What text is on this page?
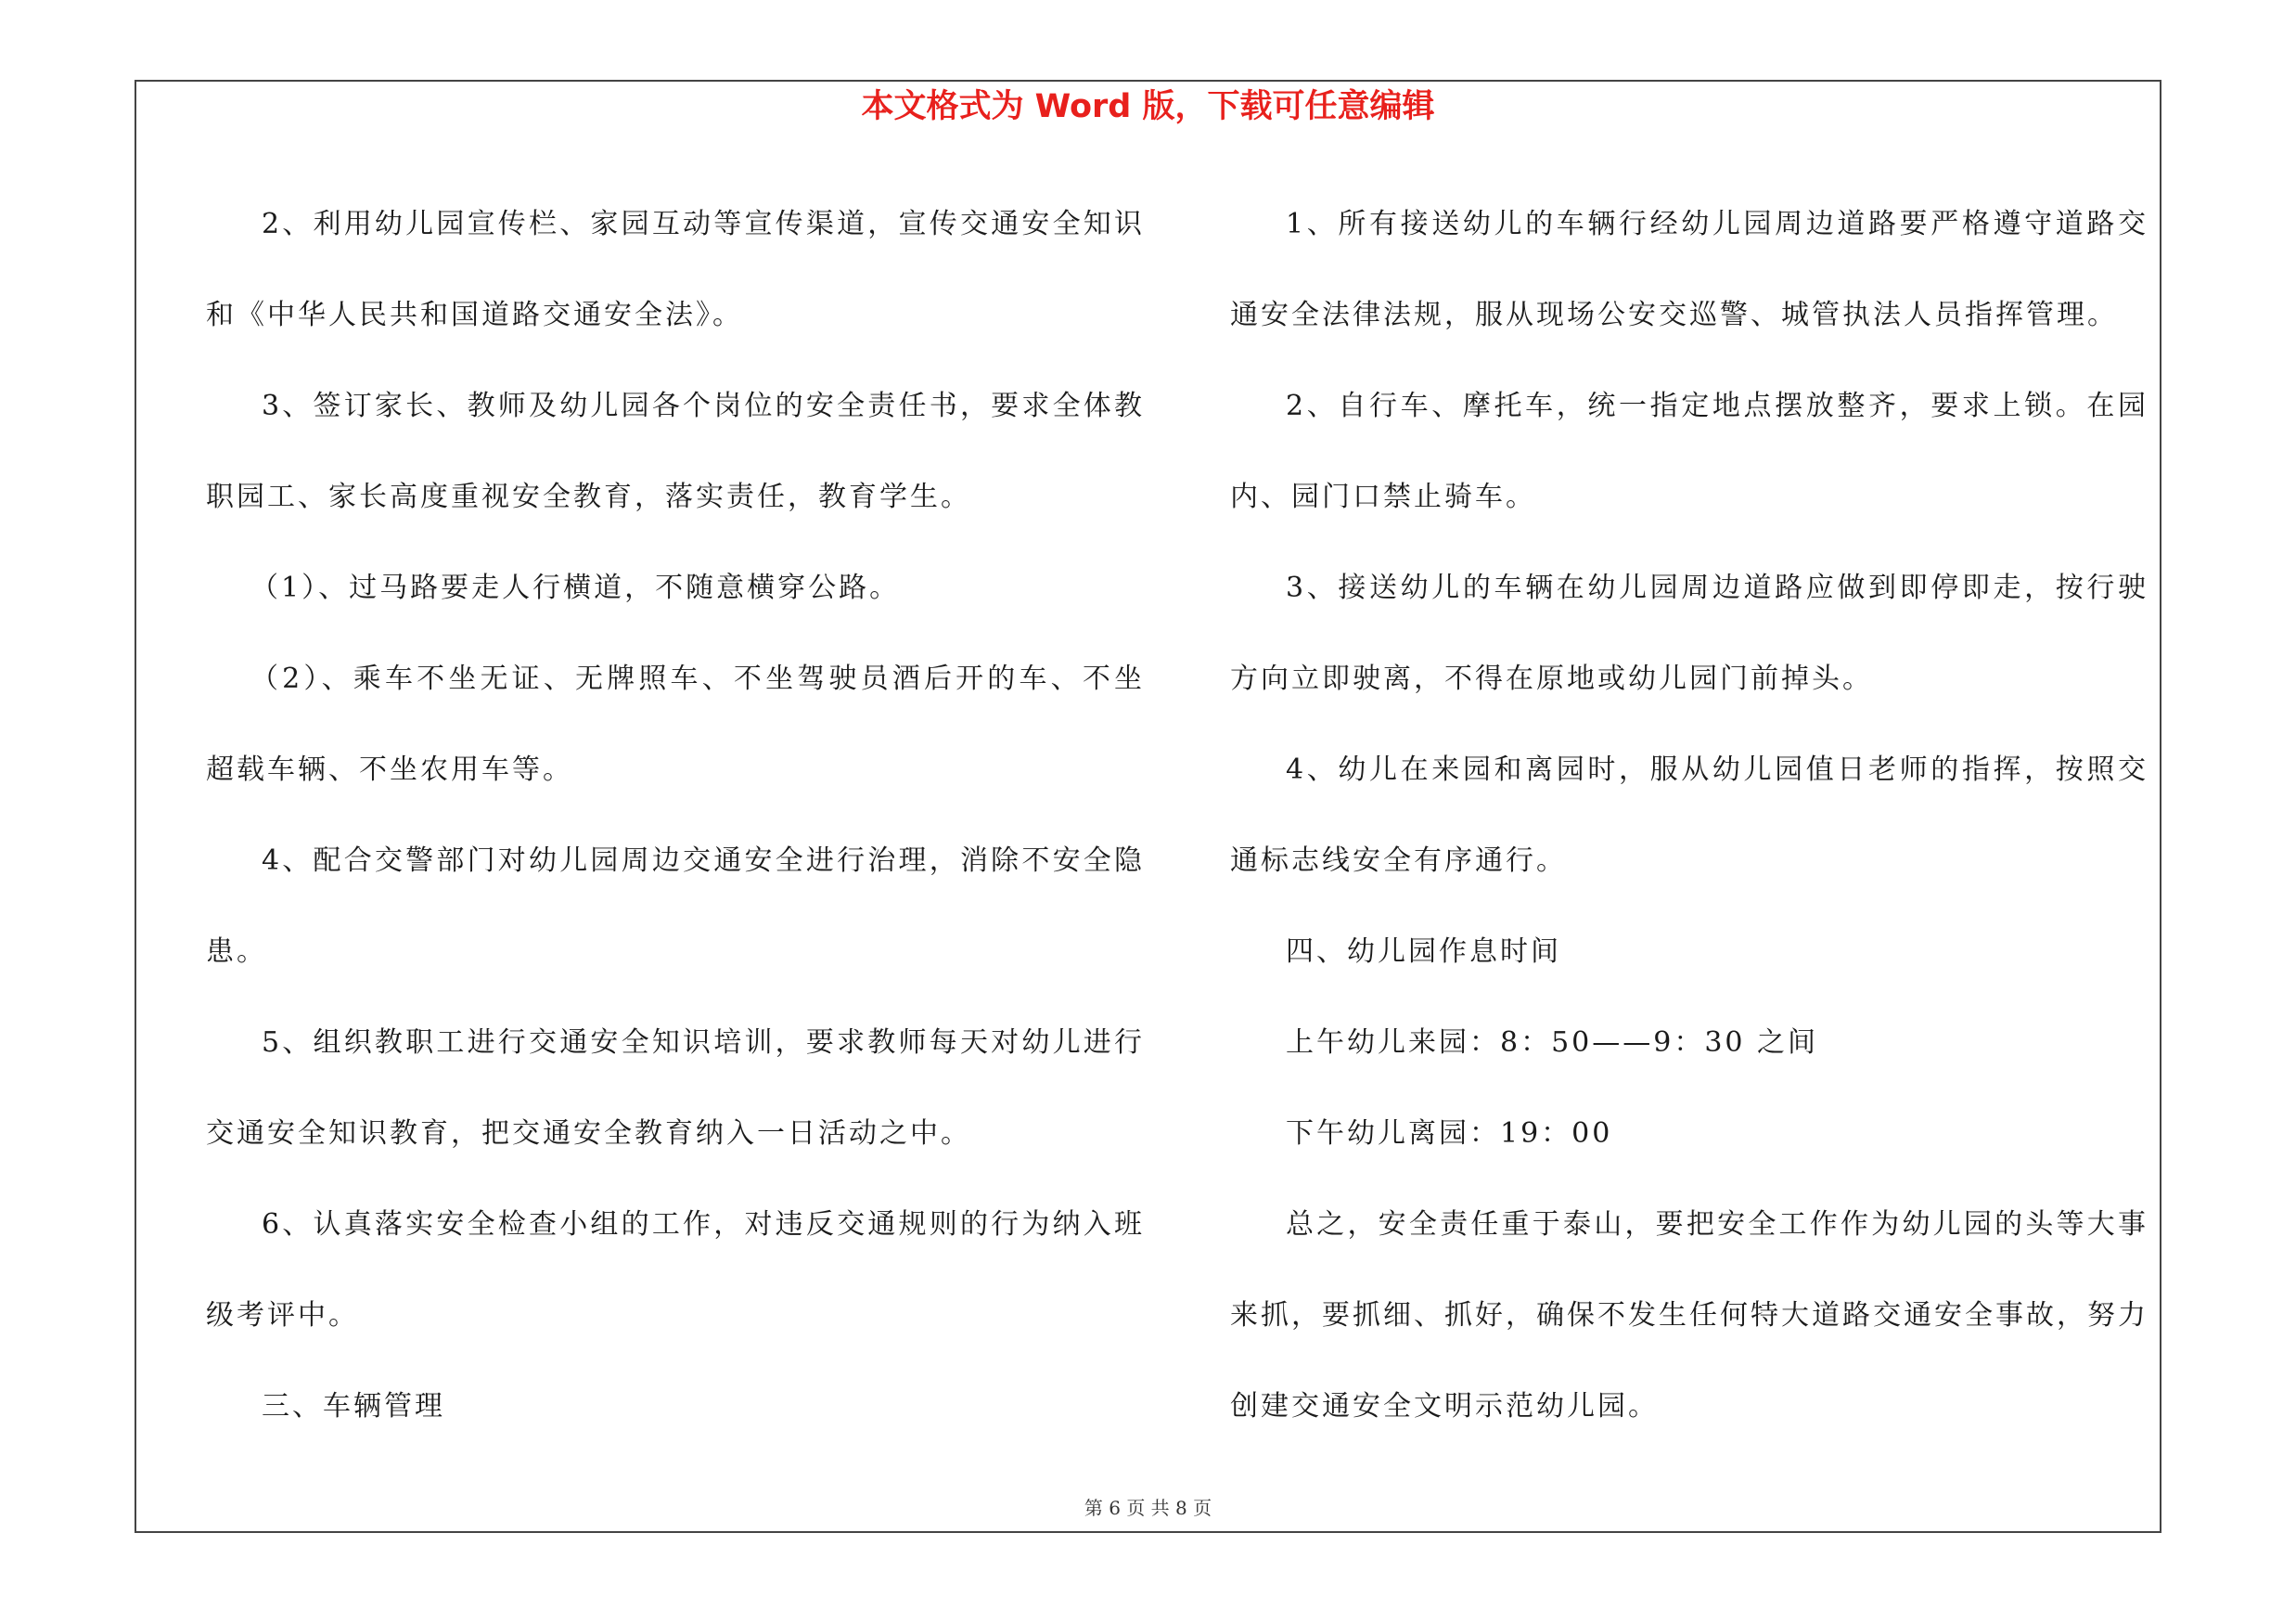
本文格式为 Word 版，下载可任意编辑

2、利用幼儿园宣传栏、家园互动等宣传渠道，宣传交通安全知识和《中华人民共和国道路交通安全法》。

3、签订家长、教师及幼儿园各个岗位的安全责任书，要求全体教职园工、家长高度重视安全教育，落实责任，教育学生。

（1）、过马路要走人行横道，不随意横穿公路。

（2）、乘车不坐无证、无牌照车、不坐驾驶员酒后开的车、不坐超载车辆、不坐农用车等。

4、配合交警部门对幼儿园周边交通安全进行治理，消除不安全隐患。

5、组织教职工进行交通安全知识培训，要求教师每天对幼儿进行交通安全知识教育，把交通安全教育纳入一日活动之中。

6、认真落实安全检查小组的工作，对违反交通规则的行为纳入班级考评中。

三、车辆管理

1、所有接送幼儿的车辆行经幼儿园周边道路要严格遵守道路交通安全法律法规，服从现场公安交巡警、城管执法人员指挥管理。

2、自行车、摩托车，统一指定地点摆放整齐，要求上锁。在园内、园门口禁止骑车。

3、接送幼儿的车辆在幼儿园周边道路应做到即停即走，按行驶方向立即驶离，不得在原地或幼儿园门前掉头。

4、幼儿在来园和离园时，服从幼儿园值日老师的指挥，按照交通标志线安全有序通行。

四、幼儿园作息时间

上午幼儿来园：8：50——9：30 之间

下午幼儿离园：19：00

总之，安全责任重于泰山，要把安全工作作为幼儿园的头等大事来抓，要抓细、抓好，确保不发生任何特大道路交通安全事故，努力创建交通安全文明示范幼儿园。

第 6 页 共 8 页
